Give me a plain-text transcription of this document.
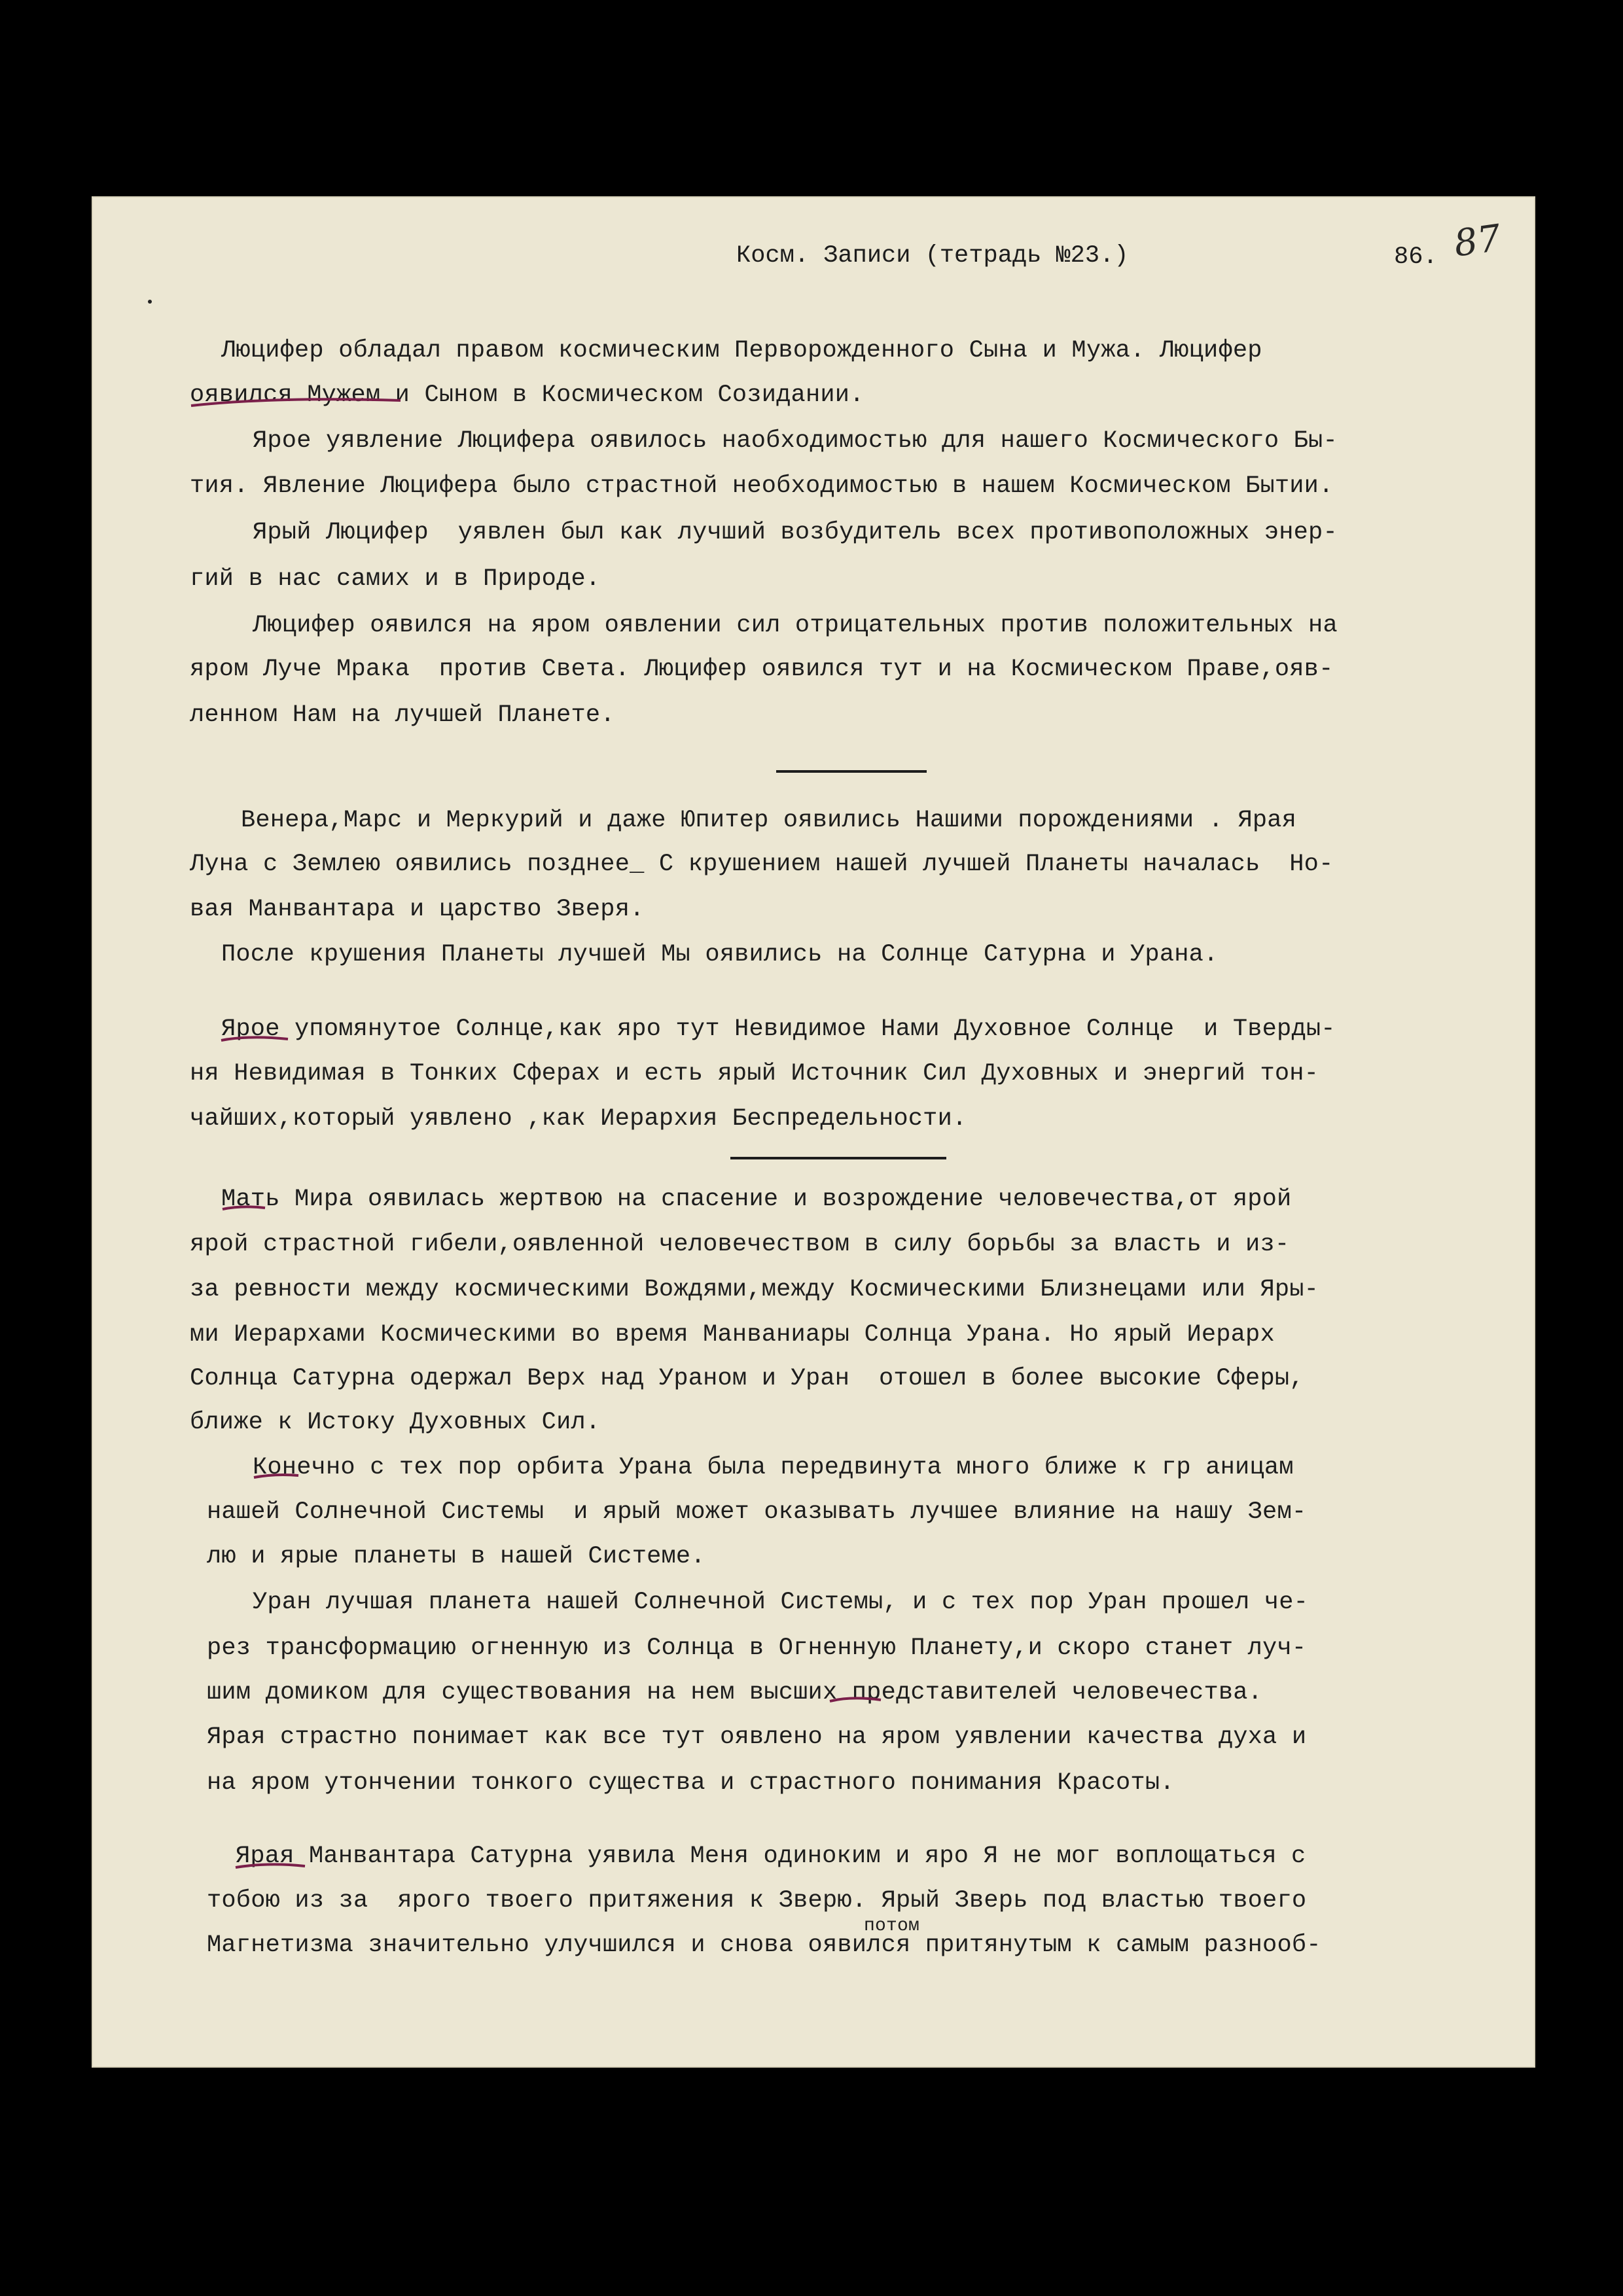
Косм. Записи (тетрадь №23.)	86. 87
Люцифер обладал правом космическим Перворожденного Сына и Мужа. Люцифер
оявился Мужем и Сыном в Космическом Созидании.
Ярое уявление Люцифера оявилось наобходимостью для нашего Космического Бы-
тия. Явление Люцифера было страстной необходимостью в нашем Космическом Бытии.
Ярый Люцифер  уявлен был как лучший возбудитель всех противоположных энер-
гий в нас самих и в Природе.
Люцифер оявился на яром оявлении сил отрицательных против положительных на
яром Луче Мрака  против Света. Люцифер оявился тут и на Космическом Праве,ояв-
ленном Нам на лучшей Планете.
Венера,Марс и Меркурий и даже Юпитер оявились Нашими порождениями . Ярая
Луна с Землею оявились позднее_ С крушением нашей лучшей Планеты началась  Но-
вая Манвантара и царство Зверя.
После крушения Планеты лучшей Мы оявились на Солнце Сатурна и Урана.
Ярое упомянутое Солнце,как яро тут Невидимое Нами Духовное Солнце  и Тверды-
ня Невидимая в Тонких Сферах и есть ярый Источник Сил Духовных и энергий тон-
чайших,который уявлено ,как Иерархия Беспредельности.
Мать Мира оявилась жертвою на спасение и возрождение человечества,от ярой
ярой страстной гибели,оявленной человечеством в силу борьбы за власть и из-
за ревности между космическими Вождями,между Космическими Близнецами или Яры-
ми Иерархами Космическими во время Манваниары Солнца Урана. Но ярый Иерарх
Солнца Сатурна одержал Верх над Ураном и Уран  отошел в более высокие Сферы,
ближе к Истоку Духовных Сил.
Конечно с тех пор орбита Урана была передвинута много ближе к гр аницам
нашей Солнечной Системы  и ярый может оказывать лучшее влияние на нашу Зем-
лю и ярые планеты в нашей Системе.
Уран лучшая планета нашей Солнечной Системы, и с тех пор Уран прошел че-
рез трансформацию огненную из Солнца в Огненную Планету,и скоро станет луч-
шим домиком для существования на нем высших представителей человечества.
Ярая страстно понимает как все тут оявлено на яром уявлении качества духа и
на яром утончении тонкого существа и страстного понимания Красоты.
Ярая Манвантара Сатурна уявила Меня одиноким и яро Я не мог воплощаться с
тобою из за  ярого твоего притяжения к Зверю. Ярый Зверь под властью твоего
Магнетизма значительно улучшился и снова оявился притянутым к самым разнооб-
потом
